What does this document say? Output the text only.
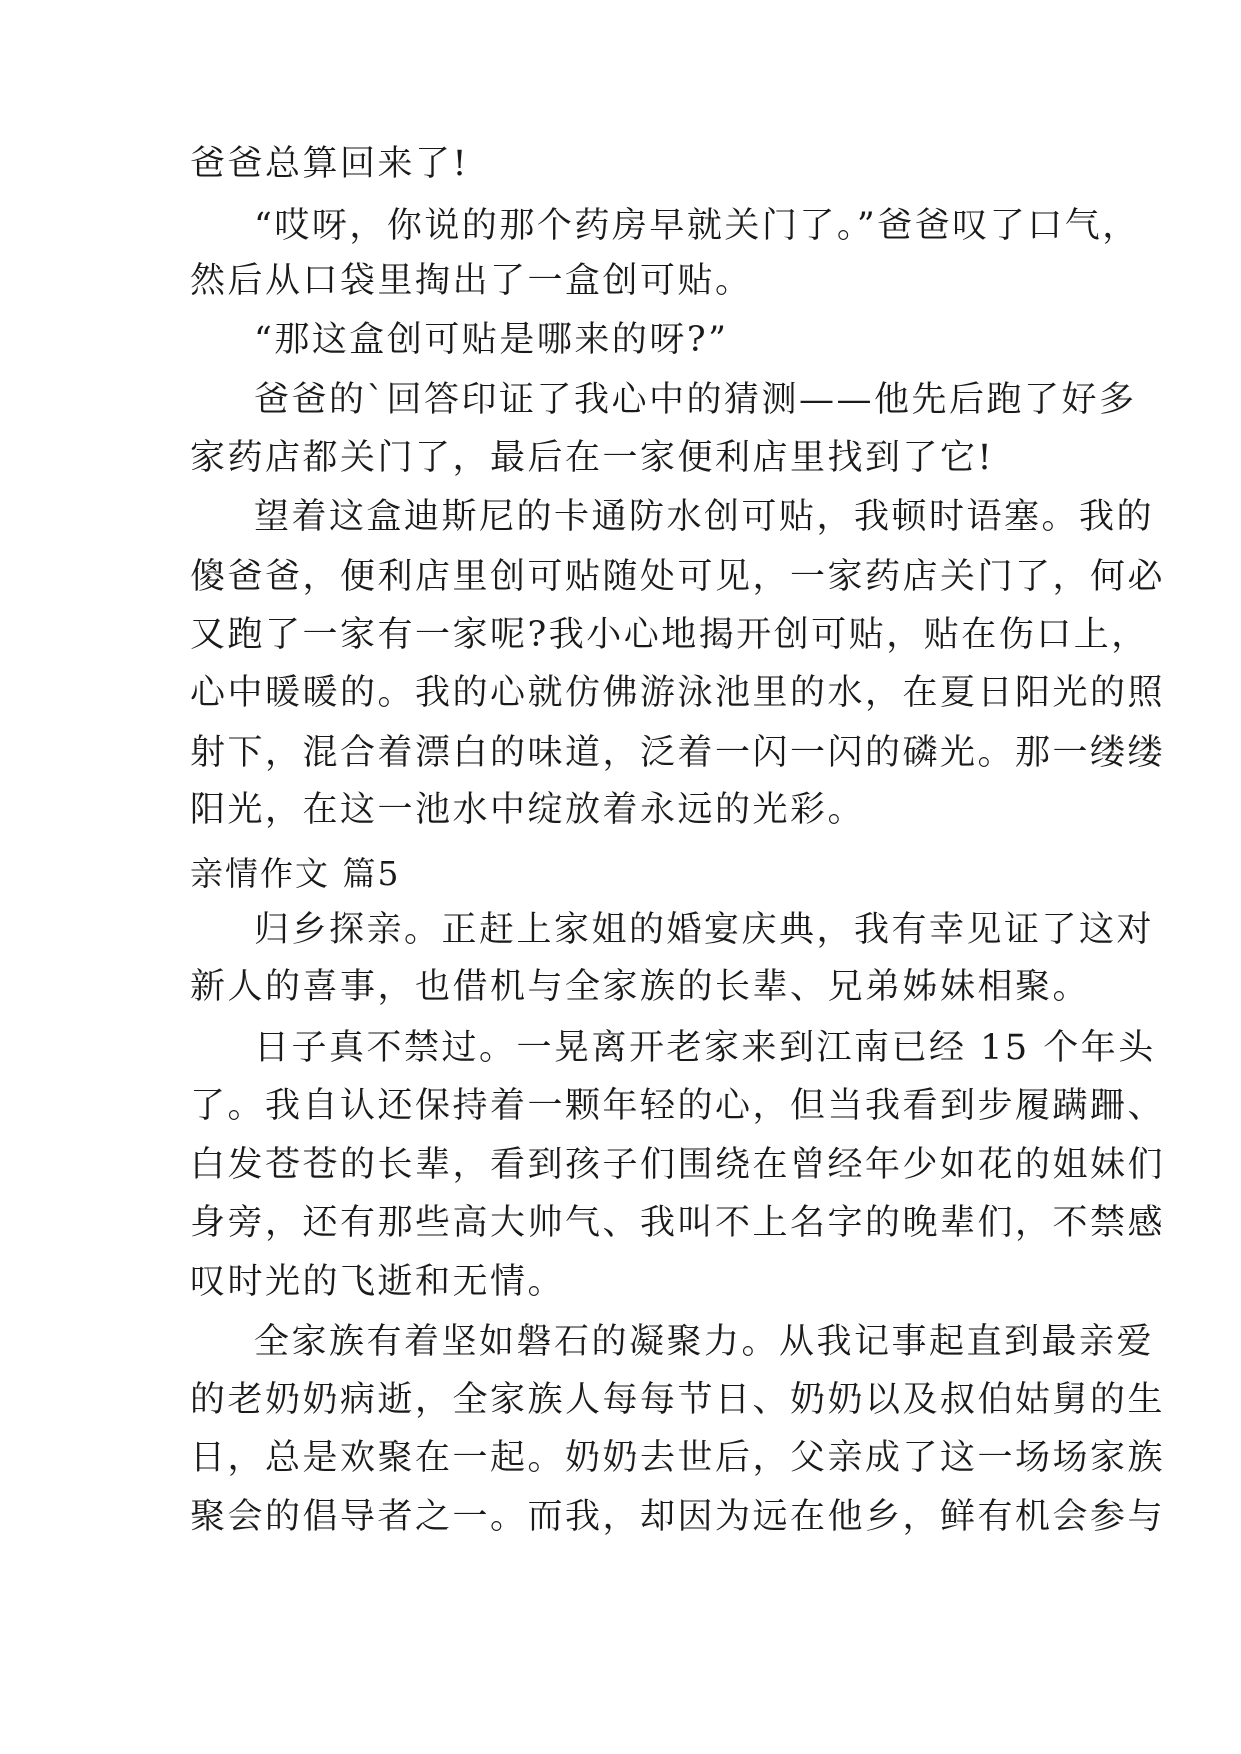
爸爸总算回来了!
“哎呀，你说的那个药房早就关门了。”爸爸叹了口气，
然后从口袋里掏出了一盒创可贴。
“那这盒创可贴是哪来的呀?”
爸爸的`回答印证了我心中的猜测——他先后跑了好多
家药店都关门了，最后在一家便利店里找到了它!
望着这盒迪斯尼的卡通防水创可贴，我顿时语塞。我的
傻爸爸，便利店里创可贴随处可见，一家药店关门了，何必
又跑了一家有一家呢?我小心地揭开创可贴，贴在伤口上，
心中暖暖的。我的心就仿佛游泳池里的水，在夏日阳光的照
射下，混合着漂白的味道，泛着一闪一闪的磷光。那一缕缕
阳光，在这一池水中绽放着永远的光彩。
亲情作文 篇5
归乡探亲。正赶上家姐的婚宴庆典，我有幸见证了这对
新人的喜事，也借机与全家族的长辈、兄弟姊妹相聚。
日子真不禁过。一晃离开老家来到江南已经 15 个年头
了。我自认还保持着一颗年轻的心，但当我看到步履蹒跚、
白发苍苍的长辈，看到孩子们围绕在曾经年少如花的姐妹们
身旁，还有那些高大帅气、我叫不上名字的晚辈们，不禁感
叹时光的飞逝和无情。
全家族有着坚如磐石的凝聚力。从我记事起直到最亲爱
的老奶奶病逝，全家族人每每节日、奶奶以及叔伯姑舅的生
日，总是欢聚在一起。奶奶去世后，父亲成了这一场场家族
聚会的倡导者之一。而我，却因为远在他乡，鲜有机会参与
